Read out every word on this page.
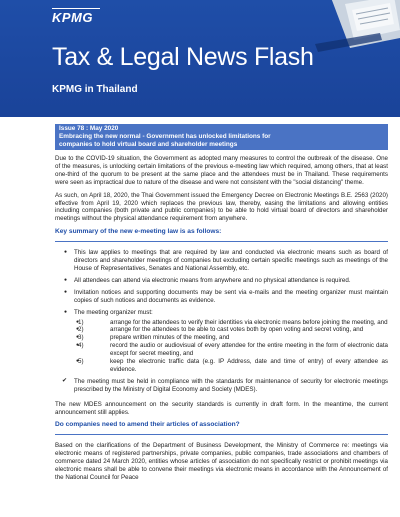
KPMG
Tax & Legal News Flash
KPMG in Thailand
Issue 78 : May 2020
Embracing the new normal - Government has unlocked limitations for
companies to hold virtual board and shareholder meetings

Due to the COVID-19 situation, the Government as adopted many measures to control the outbreak of the disease. One of the measures, is unlocking certain limitations of the previous e-meeting law which required, among others, that at least one-third of the quorum to be present at the same place and the attendees must be in Thailand. These requirements were seen as impractical due to nature of the disease and were not consistent with the "social distancing" theme.

As such, on April 18, 2020, the Thai Government issued the Emergency Decree on Electronic Meetings B.E. 2563 (2020) effective from April 19, 2020 which replaces the previous law, thereby, easing the limitations and allowing entities including companies (both private and public companies) to be able to hold virtual board of directors and shareholder meetings without the physical attendance requirement from anywhere.

Key summary of the new e-meeting law is as follows:
● This law applies to meetings that are required by law and conducted via electronic means such as board of directors and shareholder meetings of companies but excluding certain specific meetings such as meetings of the House of Representatives, Senates and National Assembly, etc.
● All attendees can attend via electronic means from anywhere and no physical attendance is required.
● Invitation notices and supporting documents may be sent via e-mails and the meeting organizer must maintain copies of such notices and documents as evidence.
● The meeting organizer must:
● 1)	arrange for the attendees to verify their identities via electronic means before joining the meeting, and
● 2)	arrange for the attendees to be able to cast votes both by open voting and secret voting, and
● 3)	prepare written minutes of the meeting, and
● 4)	record the audio or audiovisual of every attendee for the entire meeting in the form of electronic data except for secret meeting, and
● 5)	keep the electronic traffic data (e.g. IP Address, date and time of entry) of every attendee as evidence.
✔ The meeting must be held in compliance with the standards for maintenance of security for electronic meetings prescribed by the Ministry of Digital Economy and Society (MDES).

The new MDES announcement on the security standards is currently in draft form. In the meantime, the current announcement still applies.

Do companies need to amend their articles of association?

Based on the clarifications of the Department of Business Development, the Ministry of Commerce re: meetings via electronic means of registered partnerships, private companies, public companies, trade associations and chambers of commerce dated 24 March 2020, entities whose articles of association do not specifically restrict or prohibit meetings via electronic means shall be able to convene their meetings via electronic means in accordance with the Announcement of the National Council for Peace
